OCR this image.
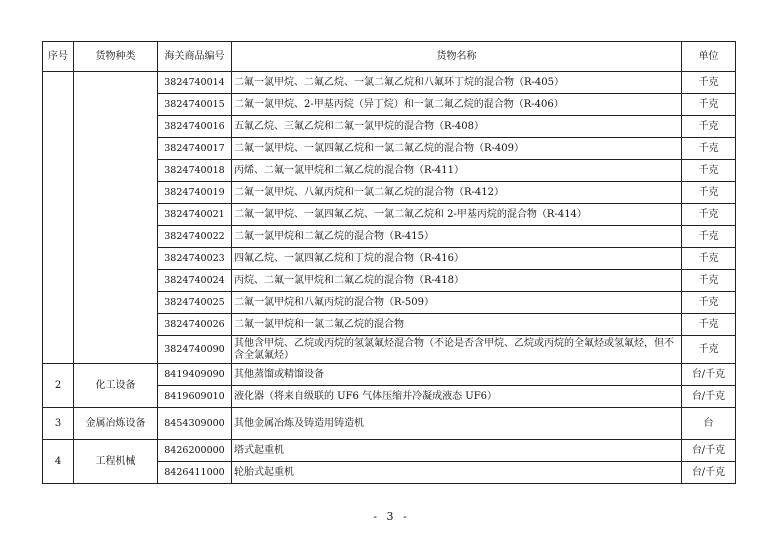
序号	货物种类	海关商品编号	货物名称	单位
		3824740014	二氟一氯甲烷、二氟乙烷、一氯二氟乙烷和八氟环丁烷的混合物（R-405）	千克
		3824740015	二氟一氯甲烷、2-甲基丙烷（异丁烷）和一氯二氟乙烷的混合物（R-406）	千克
		3824740016	五氟乙烷、三氟乙烷和二氟一氯甲烷的混合物（R-408）	千克
		3824740017	二氟一氯甲烷、一氯四氟乙烷和一氯二氟乙烷的混合物（R-409）	千克
		3824740018	丙烯、二氟一氯甲烷和二氟乙烷的混合物（R-411）	千克
		3824740019	二氟一氯甲烷、八氟丙烷和一氯二氟乙烷的混合物（R-412）	千克
		3824740021	二氟一氯甲烷、一氯四氟乙烷、一氯二氟乙烷和 2-甲基丙烷的混合物（R-414）	千克
		3824740022	二氟一氯甲烷和二氟乙烷的混合物（R-415）	千克
		3824740023	四氟乙烷、一氯四氟乙烷和丁烷的混合物（R-416）	千克
		3824740024	丙烷、二氟一氯甲烷和二氟乙烷的混合物（R-418）	千克
		3824740025	二氟一氯甲烷和八氟丙烷的混合物（R-509）	千克
		3824740026	二氟一氯甲烷和一氯二氟乙烷的混合物	千克
		3824740090	其他含甲烷、乙烷或丙烷的氢氯氟烃混合物（不论是否含甲烷、乙烷或丙烷的全氟烃或氢氟烃，但不含全氯氟烃）	千克
2	化工设备	8419409090	其他蒸馏或精馏设备	台/千克
		8419609010	液化器（将来自级联的 UF6 气体压缩并冷凝成液态 UF6）	台/千克
3	金属冶炼设备	8454309000	其他金属冶炼及铸造用铸造机	台
4	工程机械	8426200000	塔式起重机	台/千克
		8426411000	轮胎式起重机	台/千克
- 3 -
